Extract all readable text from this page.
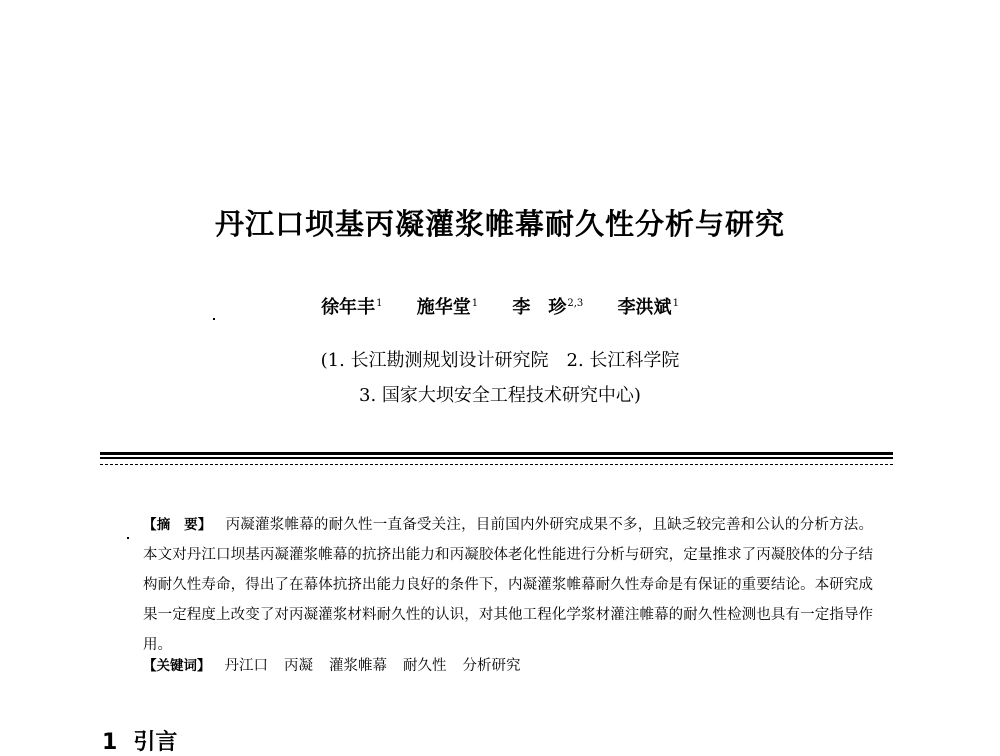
丹江口坝基丙凝灌浆帷幕耐久性分析与研究
徐年丰$^1$ 施华堂$^1$ 李　珍$^{2,3}$ 李洪斌$^1$
(1. 长江勘测规划设计研究院　2. 长江科学院
3. 国家大坝安全工程技术研究中心)

【摘　要】 丙凝灌浆帷幕的耐久性一直备受关注，目前国内外研究成果不多，且缺乏较完善和公认的分析方法。本文对丹江口坝基丙凝灌浆帷幕的抗挤出能力和丙凝胶体老化性能进行分析与研究，定量推求了丙凝胶体的分子结构耐久性寿命，得出了在幕体抗挤出能力良好的条件下，内凝灌浆帷幕耐久性寿命是有保证的重要结论。本研究成果一定程度上改变了对丙凝灌浆材料耐久性的认识，对其他工程化学浆材灌注帷幕的耐久性检测也具有一定指导作用。

【关键词】 丹江口 丙凝 灌浆帷幕 耐久性 分析研究

1 引言
